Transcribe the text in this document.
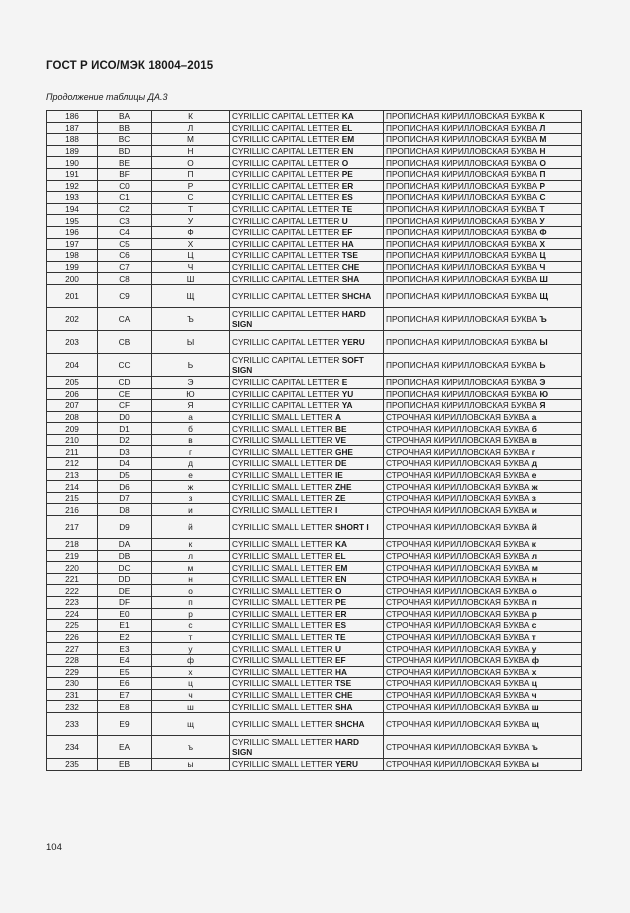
ГОСТ Р ИСО/МЭК 18004–2015
Продолжение таблицы ДА.3
186	BA	К	CYRILLIC CAPITAL LETTER KA	ПРОПИСНАЯ КИРИЛЛОВСКАЯ БУКВА К
187	BB	Л	CYRILLIC CAPITAL LETTER EL	ПРОПИСНАЯ КИРИЛЛОВСКАЯ БУКВА Л
188	BC	М	CYRILLIC CAPITAL LETTER EM	ПРОПИСНАЯ КИРИЛЛОВСКАЯ БУКВА М
189	BD	Н	CYRILLIC CAPITAL LETTER EN	ПРОПИСНАЯ КИРИЛЛОВСКАЯ БУКВА Н
190	BE	О	CYRILLIC CAPITAL LETTER O	ПРОПИСНАЯ КИРИЛЛОВСКАЯ БУКВА О
191	BF	П	CYRILLIC CAPITAL LETTER PE	ПРОПИСНАЯ КИРИЛЛОВСКАЯ БУКВА П
192	C0	Р	CYRILLIC CAPITAL LETTER ER	ПРОПИСНАЯ КИРИЛЛОВСКАЯ БУКВА Р
193	C1	С	CYRILLIC CAPITAL LETTER ES	ПРОПИСНАЯ КИРИЛЛОВСКАЯ БУКВА С
194	C2	Т	CYRILLIC CAPITAL LETTER TE	ПРОПИСНАЯ КИРИЛЛОВСКАЯ БУКВА Т
195	C3	У	CYRILLIC CAPITAL LETTER U	ПРОПИСНАЯ КИРИЛЛОВСКАЯ БУКВА У
196	C4	Ф	CYRILLIC CAPITAL LETTER EF	ПРОПИСНАЯ КИРИЛЛОВСКАЯ БУКВА Ф
197	C5	Х	CYRILLIC CAPITAL LETTER HA	ПРОПИСНАЯ КИРИЛЛОВСКАЯ БУКВА Х
198	C6	Ц	CYRILLIC CAPITAL LETTER TSE	ПРОПИСНАЯ КИРИЛЛОВСКАЯ БУКВА Ц
199	C7	Ч	CYRILLIC CAPITAL LETTER CHE	ПРОПИСНАЯ КИРИЛЛОВСКАЯ БУКВА Ч
200	C8	Ш	CYRILLIC CAPITAL LETTER SHA	ПРОПИСНАЯ КИРИЛЛОВСКАЯ БУКВА Ш
201	C9	Щ	CYRILLIC CAPITAL LETTER SHCHA	ПРОПИСНАЯ КИРИЛЛОВСКАЯ БУКВА Щ
202	CA	Ъ	CYRILLIC CAPITAL LETTER HARD SIGN	ПРОПИСНАЯ КИРИЛЛОВСКАЯ БУКВА Ъ
203	CB	Ы	CYRILLIC CAPITAL LETTER YERU	ПРОПИСНАЯ КИРИЛЛОВСКАЯ БУКВА Ы
204	CC	Ь	CYRILLIC CAPITAL LETTER SOFT SIGN	ПРОПИСНАЯ КИРИЛЛОВСКАЯ БУКВА Ь
205	CD	Э	CYRILLIC CAPITAL LETTER E	ПРОПИСНАЯ КИРИЛЛОВСКАЯ БУКВА Э
206	CE	Ю	CYRILLIC CAPITAL LETTER YU	ПРОПИСНАЯ КИРИЛЛОВСКАЯ БУКВА Ю
207	CF	Я	CYRILLIC CAPITAL LETTER YA	ПРОПИСНАЯ КИРИЛЛОВСКАЯ БУКВА Я
208	D0	а	CYRILLIC SMALL LETTER A	СТРОЧНАЯ КИРИЛЛОВСКАЯ БУКВА а
209	D1	б	CYRILLIC SMALL LETTER BE	СТРОЧНАЯ КИРИЛЛОВСКАЯ БУКВА б
210	D2	в	CYRILLIC SMALL LETTER VE	СТРОЧНАЯ КИРИЛЛОВСКАЯ БУКВА в
211	D3	г	CYRILLIC SMALL LETTER GHE	СТРОЧНАЯ КИРИЛЛОВСКАЯ БУКВА г
212	D4	д	CYRILLIC SMALL LETTER DE	СТРОЧНАЯ КИРИЛЛОВСКАЯ БУКВА д
213	D5	е	CYRILLIC SMALL LETTER IE	СТРОЧНАЯ КИРИЛЛОВСКАЯ БУКВА е
214	D6	ж	CYRILLIC SMALL LETTER ZHE	СТРОЧНАЯ КИРИЛЛОВСКАЯ БУКВА ж
215	D7	з	CYRILLIC SMALL LETTER ZE	СТРОЧНАЯ КИРИЛЛОВСКАЯ БУКВА з
216	D8	и	CYRILLIC SMALL LETTER I	СТРОЧНАЯ КИРИЛЛОВСКАЯ БУКВА и
217	D9	й	CYRILLIC SMALL LETTER SHORT I	СТРОЧНАЯ КИРИЛЛОВСКАЯ БУКВА й
218	DA	к	CYRILLIC SMALL LETTER KA	СТРОЧНАЯ КИРИЛЛОВСКАЯ БУКВА к
219	DB	л	CYRILLIC SMALL LETTER EL	СТРОЧНАЯ КИРИЛЛОВСКАЯ БУКВА л
220	DC	м	CYRILLIC SMALL LETTER EM	СТРОЧНАЯ КИРИЛЛОВСКАЯ БУКВА м
221	DD	н	CYRILLIC SMALL LETTER EN	СТРОЧНАЯ КИРИЛЛОВСКАЯ БУКВА н
222	DE	о	CYRILLIC SMALL LETTER O	СТРОЧНАЯ КИРИЛЛОВСКАЯ БУКВА о
223	DF	п	CYRILLIC SMALL LETTER PE	СТРОЧНАЯ КИРИЛЛОВСКАЯ БУКВА п
224	E0	р	CYRILLIC SMALL LETTER ER	СТРОЧНАЯ КИРИЛЛОВСКАЯ БУКВА р
225	E1	с	CYRILLIC SMALL LETTER ES	СТРОЧНАЯ КИРИЛЛОВСКАЯ БУКВА с
226	E2	т	CYRILLIC SMALL LETTER TE	СТРОЧНАЯ КИРИЛЛОВСКАЯ БУКВА т
227	E3	у	CYRILLIC SMALL LETTER U	СТРОЧНАЯ КИРИЛЛОВСКАЯ БУКВА у
228	E4	ф	CYRILLIC SMALL LETTER EF	СТРОЧНАЯ КИРИЛЛОВСКАЯ БУКВА ф
229	E5	х	CYRILLIC SMALL LETTER HA	СТРОЧНАЯ КИРИЛЛОВСКАЯ БУКВА х
230	E6	ц	CYRILLIC SMALL LETTER TSE	СТРОЧНАЯ КИРИЛЛОВСКАЯ БУКВА ц
231	E7	ч	CYRILLIC SMALL LETTER CHE	СТРОЧНАЯ КИРИЛЛОВСКАЯ БУКВА ч
232	E8	ш	CYRILLIC SMALL LETTER SHA	СТРОЧНАЯ КИРИЛЛОВСКАЯ БУКВА ш
233	E9	щ	CYRILLIC SMALL LETTER SHCHA	СТРОЧНАЯ КИРИЛЛОВСКАЯ БУКВА щ
234	EA	ъ	CYRILLIC SMALL LETTER HARD SIGN	СТРОЧНАЯ КИРИЛЛОВСКАЯ БУКВА ъ
235	EB	ы	CYRILLIC SMALL LETTER YERU	СТРОЧНАЯ КИРИЛЛОВСКАЯ БУКВА ы
104
